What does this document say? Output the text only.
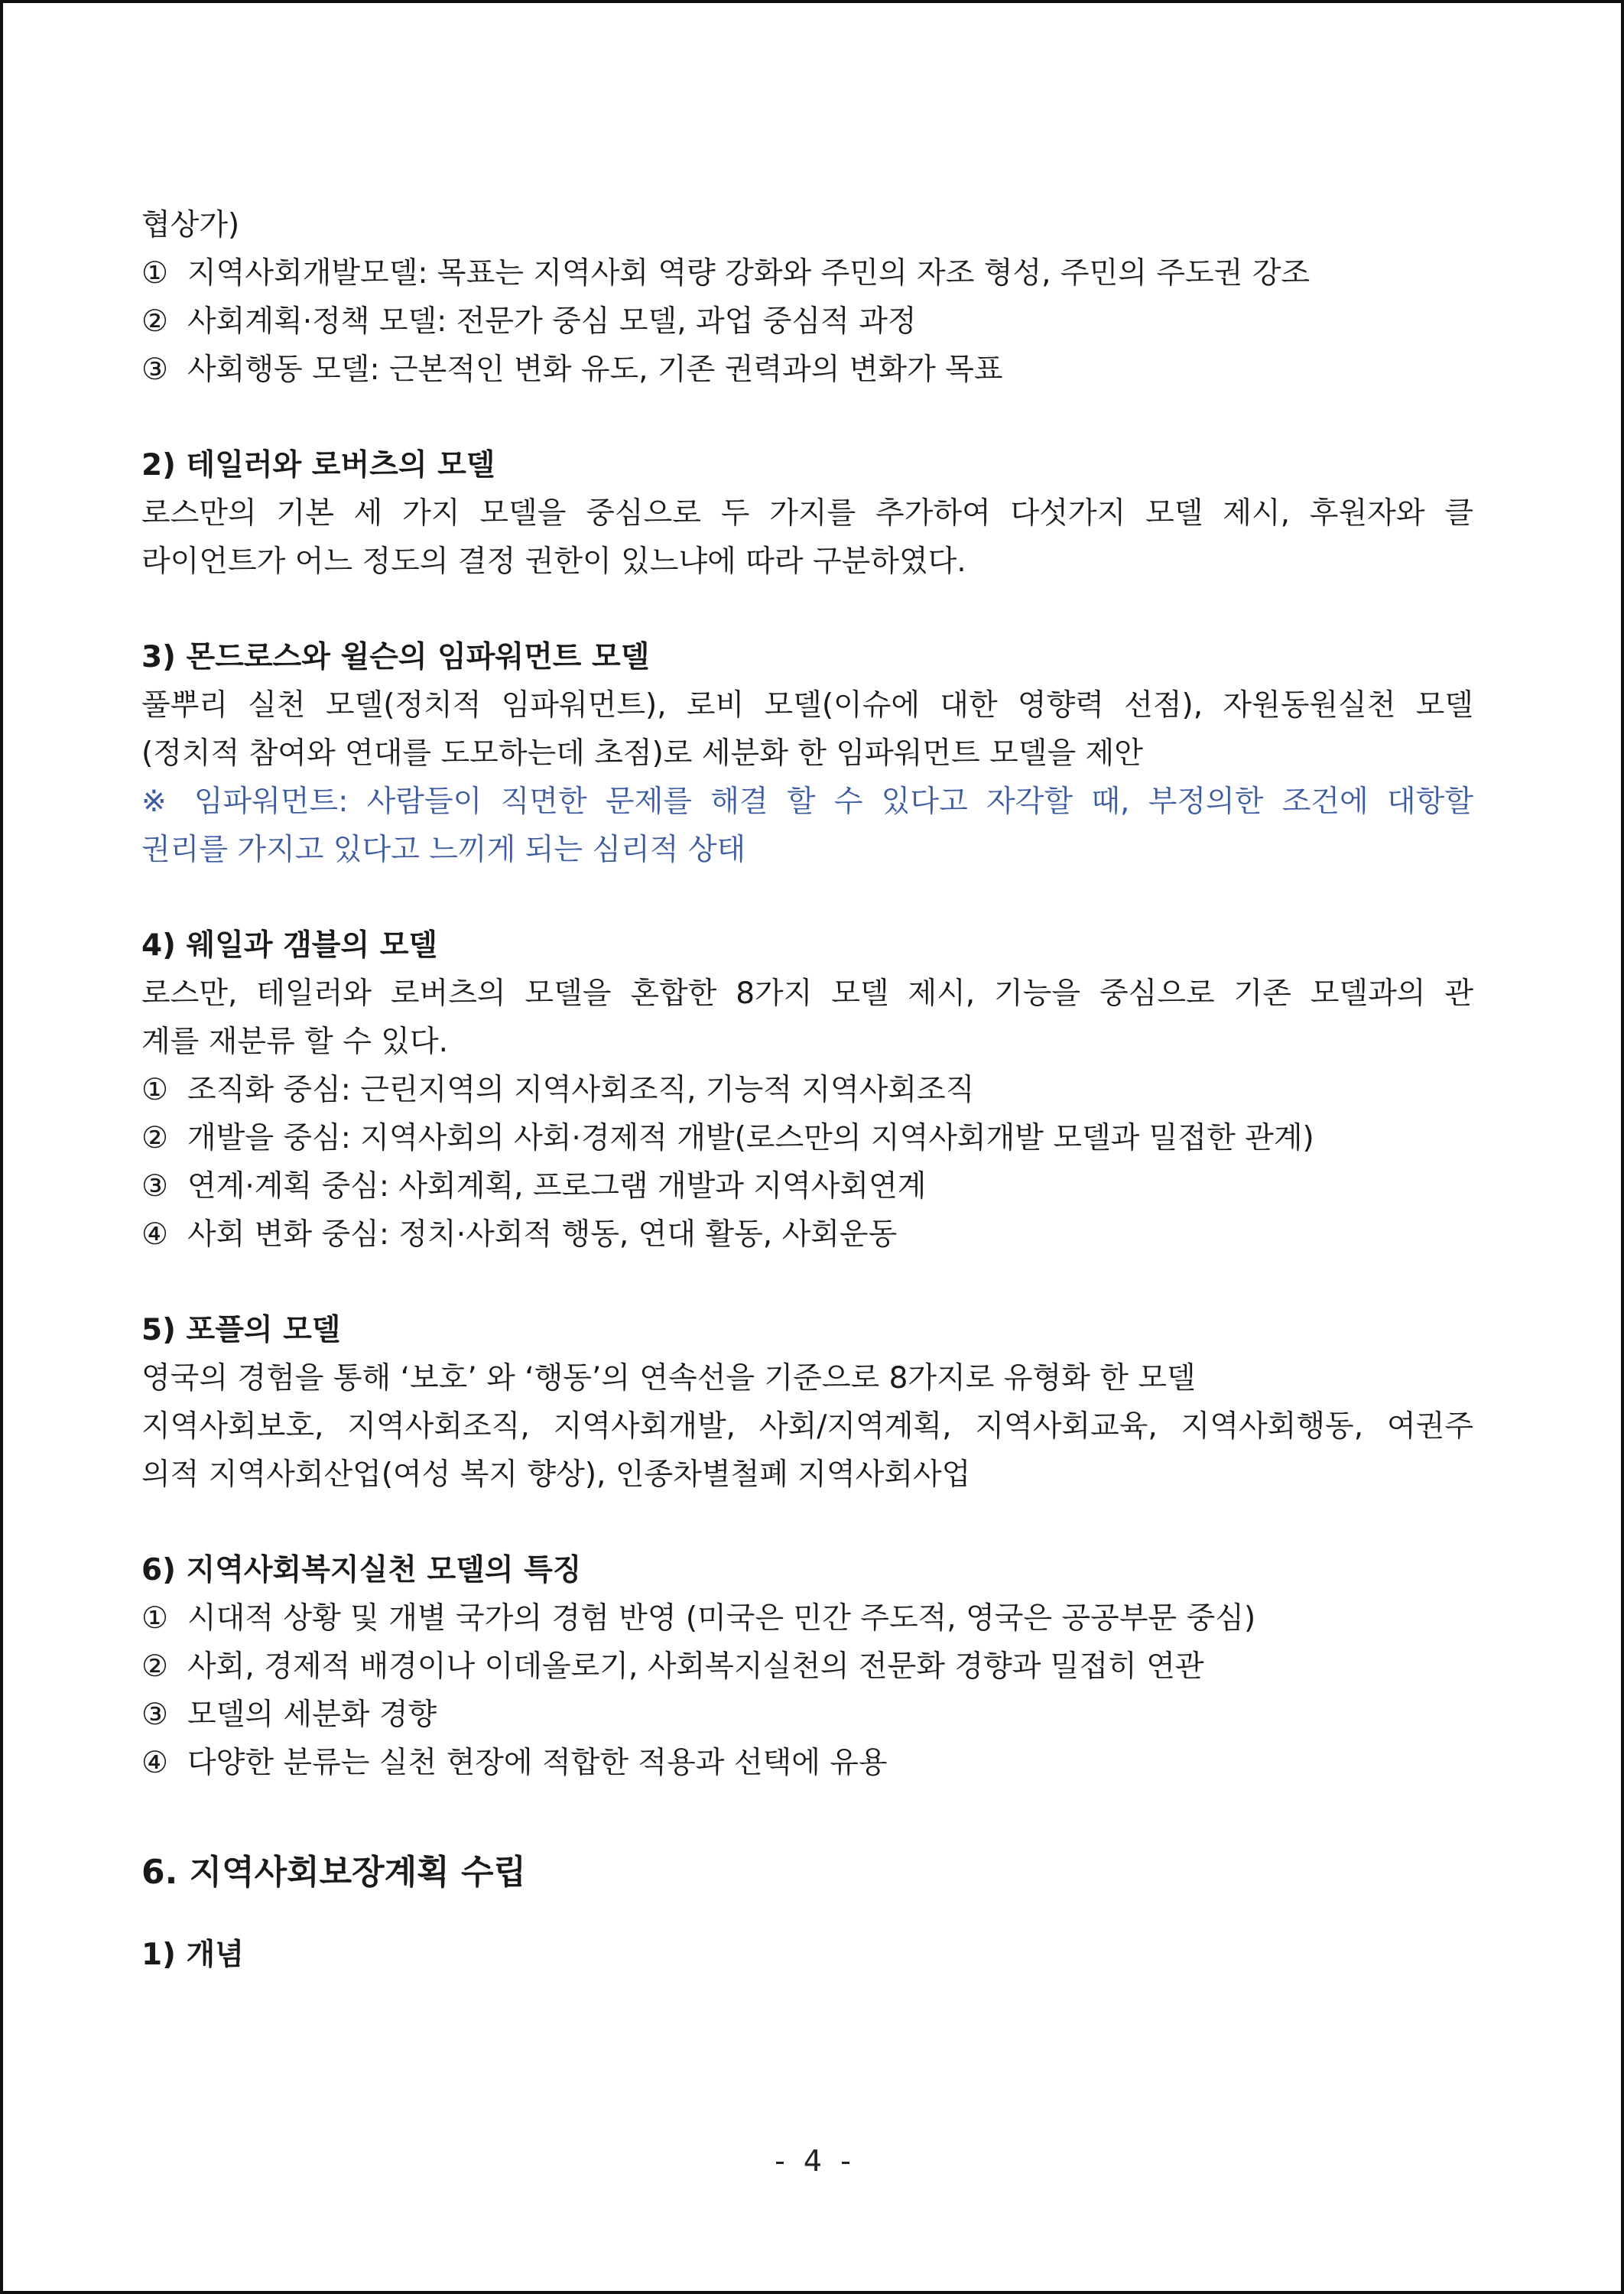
협상가)
① 지역사회개발모델: 목표는 지역사회 역량 강화와 주민의 자조 형성, 주민의 주도권 강조
② 사회계획·정책 모델: 전문가 중심 모델, 과업 중심적 과정
③ 사회행동 모델: 근본적인 변화 유도, 기존 권력과의 변화가 목표
2) 테일러와 로버츠의 모델
로스만의 기본 세 가지 모델을 중심으로 두 가지를 추가하여 다섯가지 모델 제시, 후원자와 클
라이언트가 어느 정도의 결정 권한이 있느냐에 따라 구분하였다.
3) 몬드로스와 윌슨의 임파워먼트 모델
풀뿌리 실천 모델(정치적 임파워먼트), 로비 모델(이슈에 대한 영향력 선점), 자원동원실천 모델
(정치적 참여와 연대를 도모하는데 초점)로 세분화 한 임파워먼트 모델을 제안
※ 임파워먼트: 사람들이 직면한 문제를 해결 할 수 있다고 자각할 때, 부정의한 조건에 대항할
권리를 가지고 있다고 느끼게 되는 심리적 상태
4) 웨일과 갬블의 모델
로스만, 테일러와 로버츠의 모델을 혼합한 8가지 모델 제시, 기능을 중심으로 기존 모델과의 관
계를 재분류 할 수 있다.
① 조직화 중심: 근린지역의 지역사회조직, 기능적 지역사회조직
② 개발을 중심: 지역사회의 사회·경제적 개발(로스만의 지역사회개발 모델과 밀접한 관계)
③ 연계·계획 중심: 사회계획, 프로그램 개발과 지역사회연계
④ 사회 변화 중심: 정치·사회적 행동, 연대 활동, 사회운동
5) 포플의 모델
영국의 경험을 통해 ‘보호’ 와 ‘행동’의 연속선을 기준으로 8가지로 유형화 한 모델
지역사회보호, 지역사회조직, 지역사회개발, 사회/지역계획, 지역사회교육, 지역사회행동, 여권주
의적 지역사회산업(여성 복지 향상), 인종차별철폐 지역사회사업
6) 지역사회복지실천 모델의 특징
① 시대적 상황 및 개별 국가의 경험 반영 (미국은 민간 주도적, 영국은 공공부문 중심)
② 사회, 경제적 배경이나 이데올로기, 사회복지실천의 전문화 경향과 밀접히 연관
③ 모델의 세분화 경향
④ 다양한 분류는 실천 현장에 적합한 적용과 선택에 유용
6. 지역사회보장계획 수립
1) 개념
- 4 -
